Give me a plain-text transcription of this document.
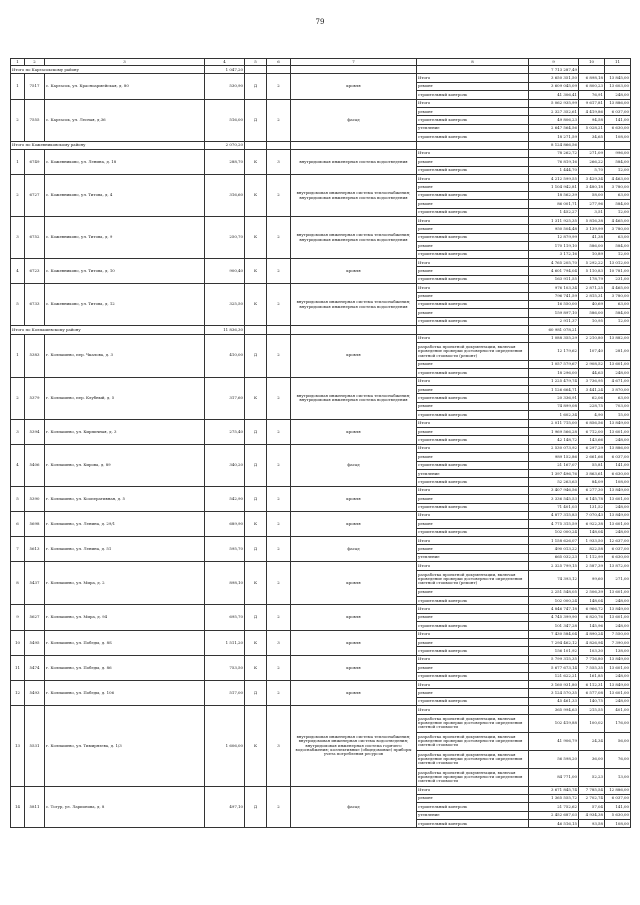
79
1	2	3	4	5	6	7	8	9	10	11
Итого по Каргасокскому району			1 047,20					7 713 287,49		
1	7517	с. Каргасок, ул. Красноармейская, д. 80	530,90	Д	2	кровля	Итого	3 650 351,50	6 898,18	13 845,00
							ремонт	3 609 045,09	6 800,23	13 603,00
							строительный контроль	41 306,41	76,91	248,00
2	7555	с. Каргасок, ул. Лесная, д.36	516,00	Д	2	фасад	Итого	5 062 935,99	9 617,81	13 886,00
							ремонт	2 327 352,61	4 419,86	6 037,00
							строительный контроль	49 806,23	94,58	141,00
							утепление	2 647 564,56	5 028,21	6 630,00
							строительный контроль	18 271,59	34,65	108,00
Итого по Кожевниковскому району			2 070,20					8 124 866,56		
1	6749	с. Кожевниково, ул. Ленина, д. 18	288,70	К	3	внутридомовая инженерная система водоотведения	Итого	78 262,72	271,09	996,00
							ремонт	76 819,16	266,22	584,00
							строительный контроль	1 444,70	5,70	12,00
2	6727	с. Кожевниково, ул. Титова, д. 4	316,60	К	2	внутридомовая инженерная система теплоснабжения; внутридомовая инженерная система водоотведения	Итого	4 212 599,55	3 429,34	4 463,00
							ремонт	1 104 942,81	3 480,18	3 780,00
							строительный контроль	18 562,39	58,00	63,00
							ремонт	86 001,71	277,96	584,00
							строительный контроль	1 452,27	3,51	12,00
3	6752	с. Кожевниково, ул. Титова, д. 9	250,70	К	2	внутридомовая инженерная система теплоснабжения; внутридомовая инженерная система водоотведения	Итого	1 311 925,35	5 816,38	4 465,00
							ремонт	950 504,48	3 139,99	3 780,00
							строительный контроль	12 879,99	41,38	63,00
							ремонт	170 119,10	586,00	584,00
							строительный контроль	3 172,16	10,89	12,00
4	6723	с. Кожевниково, ул. Титова, д. 10	900,40	К	2	кровля	Итого	4 765 205,70	5 292,22	13 012,00
							ремонт	4 601 794,04	5 110,83	10 781,00
							строительный контроль	163 911,55	178,79	231,00
5	6733	с. Кожевниково, ул. Титова, д. 12	325,50	К	2	внутридомовая инженерная система теплоснабжения; внутридомовая инженерная система водоотведения	Итого	976 103,34	2 871,25	4 465,00
							ремонт	796 741,59	2 815,31	3 780,00
							строительный контроль	16 550,00	40,69	63,00
							ремонт	159 897,10	586,00	584,00
							строительный контроль	2 911,37	10,95	12,00
Итого по Колпашевскому району			11 836,30					60 981 078,21		
1	5383	г. Колпашево, пер. Чкалова, д. 3	410,00	Д	2	кровля	Итого	1 088 355,29	2 210,80	13 882,00
							разработка проектной документации, включая проведение проверки достоверности определения сметной стоимости (ремонт)	12 179,62	107,40	281,00
							ремонт	1 057 579,67	2 908,52	13 601,00
							строительный контроль	18 296,00	44,63	248,00
2	5379	г. Колпашево, пер. Клубный, д. 5	317,60	К	2	внутридомовая инженерная система теплоснабжения; внутридомовая инженерная система водоотведения	Итого	1 225 479,74	3 736,95	4 671,00
							ремонт	1 126 664,71	3 441,24	3 870,00
							строительный контроль	20 336,91	62,06	63,00
							ремонт	74 899,08	228,75	703,00
							строительный контроль	1 602,34	4,90	15,00
3	5394	г. Колпашево, ул. Кирпичная, д. 3	275,40	Д	2	кровля	Итого	2 011 715,00	6 856,56	13 849,00
							ремонт	1 969 566,28	6 712,00	13 601,00
							строительный контроль	42 148,72	143,66	248,00
4	5406	г. Колпашево, ул. Кирова, д. 89	340,20	Д	2	фасад	Итого	2 530 073,92	6 297,29	13 886,00
							ремонт	989 152,86	2 661,66	6 037,00
							строительный контроль	21 167,07	55,81	141,00
							утепление	1 397 496,76	3 863,61	6 630,00
							строительный контроль	52 263,63	84,09	108,00
5	5390	г. Колпашево, ул. Кооперативная, д. 5	542,90	Д	2	кровля	Итого	3 407 946,56	6 277,30	13 849,00
							ремонт	3 336 545,53	6 145,78	13 601,00
							строительный контроль	71 401,03	131,52	248,00
6	5698	г. Колпашево, ул. Ленина, д. 29/1	689,90	К	2	кровля	Итого	4 877 315,83	7 070,43	13 849,00
							ремонт	4 775 315,59	6 922,38	13 601,00
							строительный контроль	102 000,24	148,04	248,00
7	5613	г. Колпашево, ул. Ленина, д. 51	595,70	Д	2	фасад	Итого	1 158 626,07	1 933,50	12 637,00
							ремонт	490 013,22	822,58	6 037,00
							утепление	665 032,23	1 112,99	6 630,00
8	5437	г. Колпашево, ул. Мира, д. 2	898,10	К	2	кровля	Итого	2 325 799,15	2 587,39	13 872,00
							разработка проектной документации, включая проведение проверки достоверности определения сметной стоимости (ремонт)	74 393,12	99,60	271,00
							ремонт	2 251 548,05	2 506,39	13 601,00
							строительный контроль	102 000,24	148,04	248,00
9	5627	г. Колпашево, ул. Мира, д. 94	695,70	Д	2	кровля	Итого	4 846 747,18	6 966,72	13 849,00
							ремонт	4 745 399,90	6 820,76	13 601,00
							строительный контроль	101 347,28	145,96	248,00
10	5495	г. Колпашево, ул. Победы, д. 8S	1 511,20	К	3	кровля	Итого	7 430 584,04	4 890,24	7 550,00
							ремонт	7 294 462,12	4 826,94	7 390,00
							строительный контроль	156 101,92	103,30	138,00
11	5474	г. Колпашево, ул. Победы, д. 86	753,50	К	2	кровля	Итого	5 799 315,35	7 716,80	13 849,00
							ремонт	5 677 673,14	7 555,35	13 601,00
							строительный контроль	121 622,21	161,85	248,00
12	5493	г. Колпашево, ул. Победы, д. 106	517,00	Д	2	кровля	Итого	3 160 931,80	6 112,31	13 849,00
							ремонт	3 124 570,35	6 577,08	13 601,00
							строительный контроль	45 461,33	140,75	248,00
13	5531	г. Колпашево, ул. Тимирязева, д. 1/3	1 606,00	К	3	внутридомовая инженерная система теплоснабжения; внутридомовая инженерная система водоотведения; внутридомовая инженерная система горячего водоснабжения; коллективные (общедомовые) приборы учета потребления ресурсов	Итого	365 994,63	215,55	401,00
							разработка проектной документации, включая проведение проверки достоверности определения сметной стоимости	102 419,88	100,02	176,00
							разработка проектной документации, включая проведение проверки достоверности определения сметной стоимости	41 906,79	24,34	56,00
							разработка проектной документации, включая проведение проверки достоверности определения сметной стоимости	56 598,20	36,00	76,00
							разработка проектной документации, включая проведение проверки достоверности определения сметной стоимости	84 771,00	52,23	13,00
14	5811	с. Тогур, ул. Ларионова, д. 8	497,10	Д	2	фасад	Итого	3 671 845,74	7 785,54	12 886,00
							ремонт	1 365 555,72	2 702,74	6 037,00
							строительный контроль	21 752,62	57,04	141,00
							утепление	2 452 687,03	4 934,38	5 630,00
							строительный контроль	46 516,15	93,58	108,00
